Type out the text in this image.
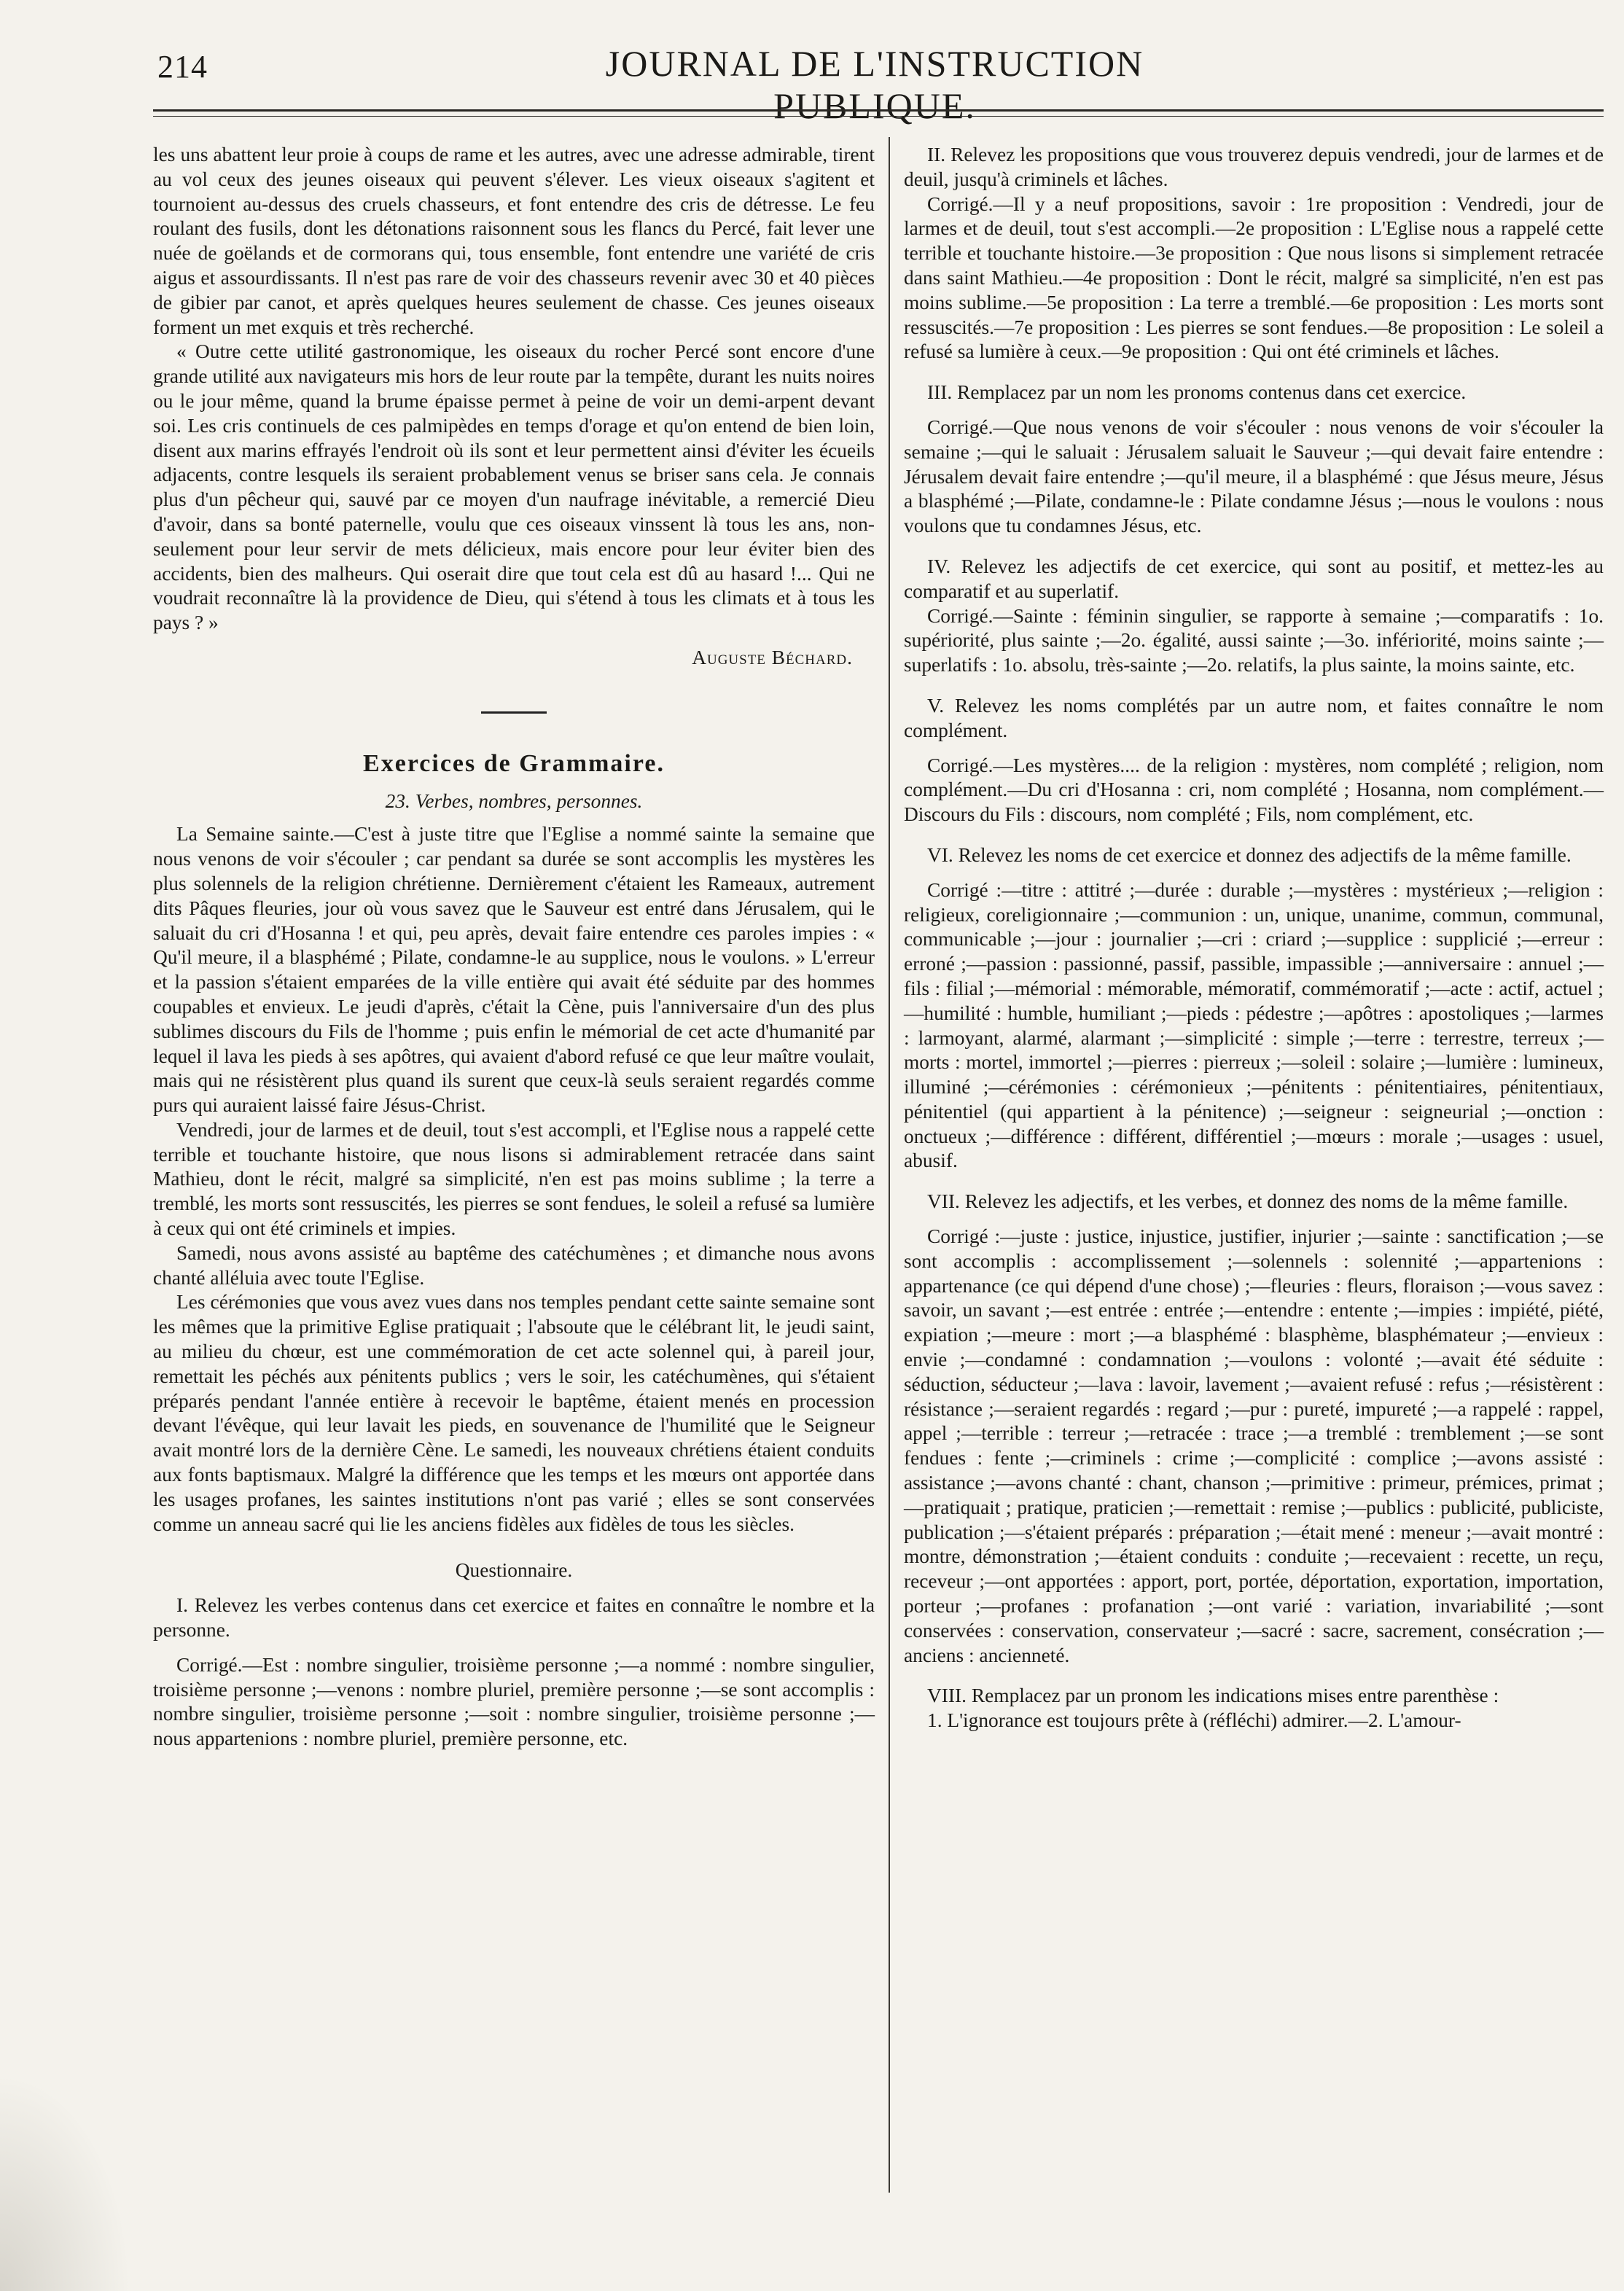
214	JOURNAL DE L'INSTRUCTION PUBLIQUE.

les uns abattent leur proie à coups de rame et les autres, avec une adresse admirable, tirent au vol ceux des jeunes oiseaux qui peuvent s'élever. Les vieux oiseaux s'agitent et tournoient au-dessus des cruels chasseurs, et font entendre des cris de détresse. Le feu roulant des fusils, dont les détonations raisonnent sous les flancs du Percé, fait lever une nuée de goëlands et de cormorans qui, tous ensemble, font entendre une variété de cris aigus et assourdissants. Il n'est pas rare de voir des chasseurs revenir avec 30 et 40 pièces de gibier par canot, et après quelques heures seulement de chasse. Ces jeunes oiseaux forment un met exquis et très recherché.

« Outre cette utilité gastronomique, les oiseaux du rocher Percé sont encore d'une grande utilité aux navigateurs mis hors de leur route par la tempête, durant les nuits noires ou le jour même, quand la brume épaisse permet à peine de voir un demi-arpent devant soi. Les cris continuels de ces palmipèdes en temps d'orage et qu'on entend de bien loin, disent aux marins effrayés l'endroit où ils sont et leur permettent ainsi d'éviter les écueils adjacents, contre lesquels ils seraient probablement venus se briser sans cela. Je connais plus d'un pêcheur qui, sauvé par ce moyen d'un naufrage inévitable, a remercié Dieu d'avoir, dans sa bonté paternelle, voulu que ces oiseaux vinssent là tous les ans, non-seulement pour leur servir de mets délicieux, mais encore pour leur éviter bien des accidents, bien des malheurs. Qui oserait dire que tout cela est dû au hasard !... Qui ne voudrait reconnaître là la providence de Dieu, qui s'étend à tous les climats et à tous les pays ? »

Auguste Béchard.

Exercices de Grammaire.

23. Verbes, nombres, personnes.

La Semaine sainte.—C'est à juste titre que l'Eglise a nommé sainte la semaine que nous venons de voir s'écouler ; car pendant sa durée se sont accomplis les mystères les plus solennels de la religion chrétienne. Dernièrement c'étaient les Rameaux, autrement dits Pâques fleuries, jour où vous savez que le Sauveur est entré dans Jérusalem, qui le saluait du cri d'Hosanna ! et qui, peu après, devait faire entendre ces paroles impies : « Qu'il meure, il a blasphémé ; Pilate, condamne-le au supplice, nous le voulons. » L'erreur et la passion s'étaient emparées de la ville entière qui avait été séduite par des hommes coupables et envieux. Le jeudi d'après, c'était la Cène, puis l'anniversaire d'un des plus sublimes discours du Fils de l'homme ; puis enfin le mémorial de cet acte d'humanité par lequel il lava les pieds à ses apôtres, qui avaient d'abord refusé ce que leur maître voulait, mais qui ne résistèrent plus quand ils surent que ceux-là seuls seraient regardés comme purs qui auraient laissé faire Jésus-Christ.

Vendredi, jour de larmes et de deuil, tout s'est accompli, et l'Eglise nous a rappelé cette terrible et touchante histoire, que nous lisons si admirablement retracée dans saint Mathieu, dont le récit, malgré sa simplicité, n'en est pas moins sublime ; la terre a tremblé, les morts sont ressuscités, les pierres se sont fendues, le soleil a refusé sa lumière à ceux qui ont été criminels et impies.

Samedi, nous avons assisté au baptême des catéchumènes ; et dimanche nous avons chanté alléluia avec toute l'Eglise.

Les cérémonies que vous avez vues dans nos temples pendant cette sainte semaine sont les mêmes que la primitive Eglise pratiquait ; l'absoute que le célébrant lit, le jeudi saint, au milieu du chœur, est une commémoration de cet acte solennel qui, à pareil jour, remettait les péchés aux pénitents publics ; vers le soir, les catéchumènes, qui s'étaient préparés pendant l'année entière à recevoir le baptême, étaient menés en procession devant l'évêque, qui leur lavait les pieds, en souvenance de l'humilité que le Seigneur avait montré lors de la dernière Cène. Le samedi, les nouveaux chrétiens étaient conduits aux fonts baptismaux. Malgré la différence que les temps et les mœurs ont apportée dans les usages profanes, les saintes institutions n'ont pas varié ; elles se sont conservées comme un anneau sacré qui lie les anciens fidèles aux fidèles de tous les siècles.

Questionnaire.

I. Relevez les verbes contenus dans cet exercice et faites en connaître le nombre et la personne.

Corrigé.—Est : nombre singulier, troisième personne ;—a nommé : nombre singulier, troisième personne ;—venons : nombre pluriel, première personne ;—se sont accomplis : nombre singulier, troisième personne ;—soit : nombre singulier, troisième personne ;—nous appartenions : nombre pluriel, première personne, etc.

II. Relevez les propositions que vous trouverez depuis vendredi, jour de larmes et de deuil, jusqu'à criminels et lâches.

Corrigé.—Il y a neuf propositions, savoir : 1re proposition : Vendredi, jour de larmes et de deuil, tout s'est accompli.—2e proposition : L'Eglise nous a rappelé cette terrible et touchante histoire.—3e proposition : Que nous lisons si simplement retracée dans saint Mathieu.—4e proposition : Dont le récit, malgré sa simplicité, n'en est pas moins sublime.—5e proposition : La terre a tremblé.—6e proposition : Les morts sont ressuscités.—7e proposition : Les pierres se sont fendues.—8e proposition : Le soleil a refusé sa lumière à ceux.—9e proposition : Qui ont été criminels et lâches.

III. Remplacez par un nom les pronoms contenus dans cet exercice.

Corrigé.—Que nous venons de voir s'écouler : nous venons de voir s'écouler la semaine ;—qui le saluait : Jérusalem saluait le Sauveur ;—qui devait faire entendre : Jérusalem devait faire entendre ;—qu'il meure, il a blasphémé : que Jésus meure, Jésus a blasphémé ;—Pilate, condamne-le : Pilate condamne Jésus ;—nous le voulons : nous voulons que tu condamnes Jésus, etc.

IV. Relevez les adjectifs de cet exercice, qui sont au positif, et mettez-les au comparatif et au superlatif.

Corrigé.—Sainte : féminin singulier, se rapporte à semaine ;—comparatifs : 1o. supériorité, plus sainte ;—2o. égalité, aussi sainte ;—3o. infériorité, moins sainte ;—superlatifs : 1o. absolu, très-sainte ;—2o. relatifs, la plus sainte, la moins sainte, etc.

V. Relevez les noms complétés par un autre nom, et faites connaître le nom complément.

Corrigé.—Les mystères.... de la religion : mystères, nom complété ; religion, nom complément.—Du cri d'Hosanna : cri, nom complété ; Hosanna, nom complément.— Discours du Fils : discours, nom complété ; Fils, nom complément, etc.

VI. Relevez les noms de cet exercice et donnez des adjectifs de la même famille.

Corrigé :—titre : attitré ;—durée : durable ;—mystères : mystérieux ;—religion : religieux, coreligionnaire ;—communion : un, unique, unanime, commun, communal, communicable ;—jour : journalier ;—cri : criard ;—supplice : supplicié ;—erreur : erroné ;—passion : passionné, passif, passible, impassible ;—anniversaire : annuel ;—fils : filial ;—mémorial : mémorable, mémoratif, commémoratif ;—acte : actif, actuel ;—humilité : humble, humiliant ;—pieds : pédestre ;—apôtres : apostoliques ;—larmes : larmoyant, alarmé, alarmant ;—simplicité : simple ;—terre : terrestre, terreux ;—morts : mortel, immortel ;—pierres : pierreux ;—soleil : solaire ;—lumière : lumineux, illuminé ;—cérémonies : cérémonieux ;—pénitents : pénitentiaires, pénitentiaux, pénitentiel (qui appartient à la pénitence) ;—seigneur : seigneurial ;—onction : onctueux ;—différence : différent, différentiel ;—mœurs : morale ;—usages : usuel, abusif.

VII. Relevez les adjectifs, et les verbes, et donnez des noms de la même famille.

Corrigé :—juste : justice, injustice, justifier, injurier ;—sainte : sanctification ;—se sont accomplis : accomplissement ;—solennels : solennité ;—appartenions : appartenance (ce qui dépend d'une chose) ;—fleuries : fleurs, floraison ;—vous savez : savoir, un savant ;—est entrée : entrée ;—entendre : entente ;—impies : impiété, piété, expiation ;—meure : mort ;—a blasphémé : blasphème, blasphémateur ;—envieux : envie ;—condamné : condamnation ;—voulons : volonté ;—avait été séduite : séduction, séducteur ;—lava : lavoir, lavement ;—avaient refusé : refus ;—résistèrent : résistance ;—seraient regardés : regard ;—pur : pureté, impureté ;—a rappelé : rappel, appel ;—terrible : terreur ;—retracée : trace ;—a tremblé : tremblement ;—se sont fendues : fente ;—criminels : crime ;—complicité : complice ;—avons assisté : assistance ;—avons chanté : chant, chanson ;—primitive : primeur, prémices, primat ;—pratiquait ; pratique, praticien ;—remettait : remise ;—publics : publicité, publiciste, publication ;—s'étaient préparés : préparation ;—était mené : meneur ;—avait montré : montre, démonstration ;—étaient conduits : conduite ;—recevaient : recette, un reçu, receveur ;—ont apportées : apport, port, portée, déportation, exportation, importation, porteur ;—profanes : profanation ;—ont varié : variation, invariabilité ;—sont conservées : conservation, conservateur ;—sacré : sacre, sacrement, consécration ;—anciens : ancienneté.

VIII. Remplacez par un pronom les indications mises entre parenthèse :

1. L'ignorance est toujours prête à (réfléchi) admirer.—2. L'amour-
